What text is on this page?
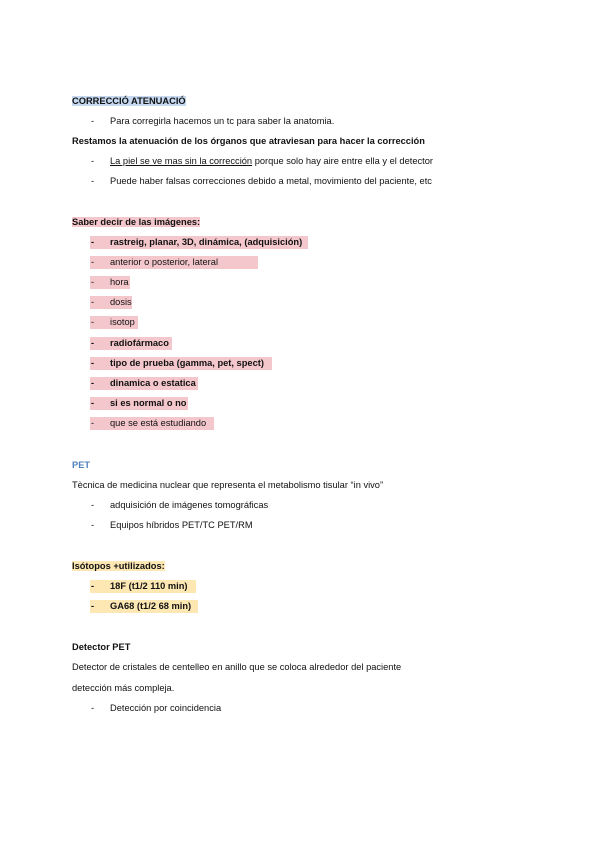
CORRECCIÓ ATENUACIÓ
- Para corregirla hacemos un tc para saber la anatomia.
Restamos la atenuación de los órganos que atraviesan para hacer la corrección
- La piel se ve mas sin la corrección porque solo hay aire entre ella y el detector
- Puede haber falsas correcciones debido a metal, movimiento del paciente, etc
Saber decir de las imágenes:
- rastreig, planar, 3D, dinámica, (adquisición)
- anterior o posterior, lateral
- hora
- dosis
- isotop
- radiofármaco
- tipo de prueba (gamma, pet, spect)
- dinamica o estatica
- si es normal o no
- que se está estudiando
PET
Tècnica de medicina nuclear que representa el metabolismo tisular “in vivo”
- adquisición de imágenes tomográficas
- Equipos híbridos PET/TC PET/RM
Isótopos +utilizados:
- 18F (t1/2 110 min)
- GA68 (t1/2 68 min)
Detector PET
Detector de cristales de centelleo en anillo que se coloca alrededor del paciente
detección más compleja.
- Detección por coincidencia
